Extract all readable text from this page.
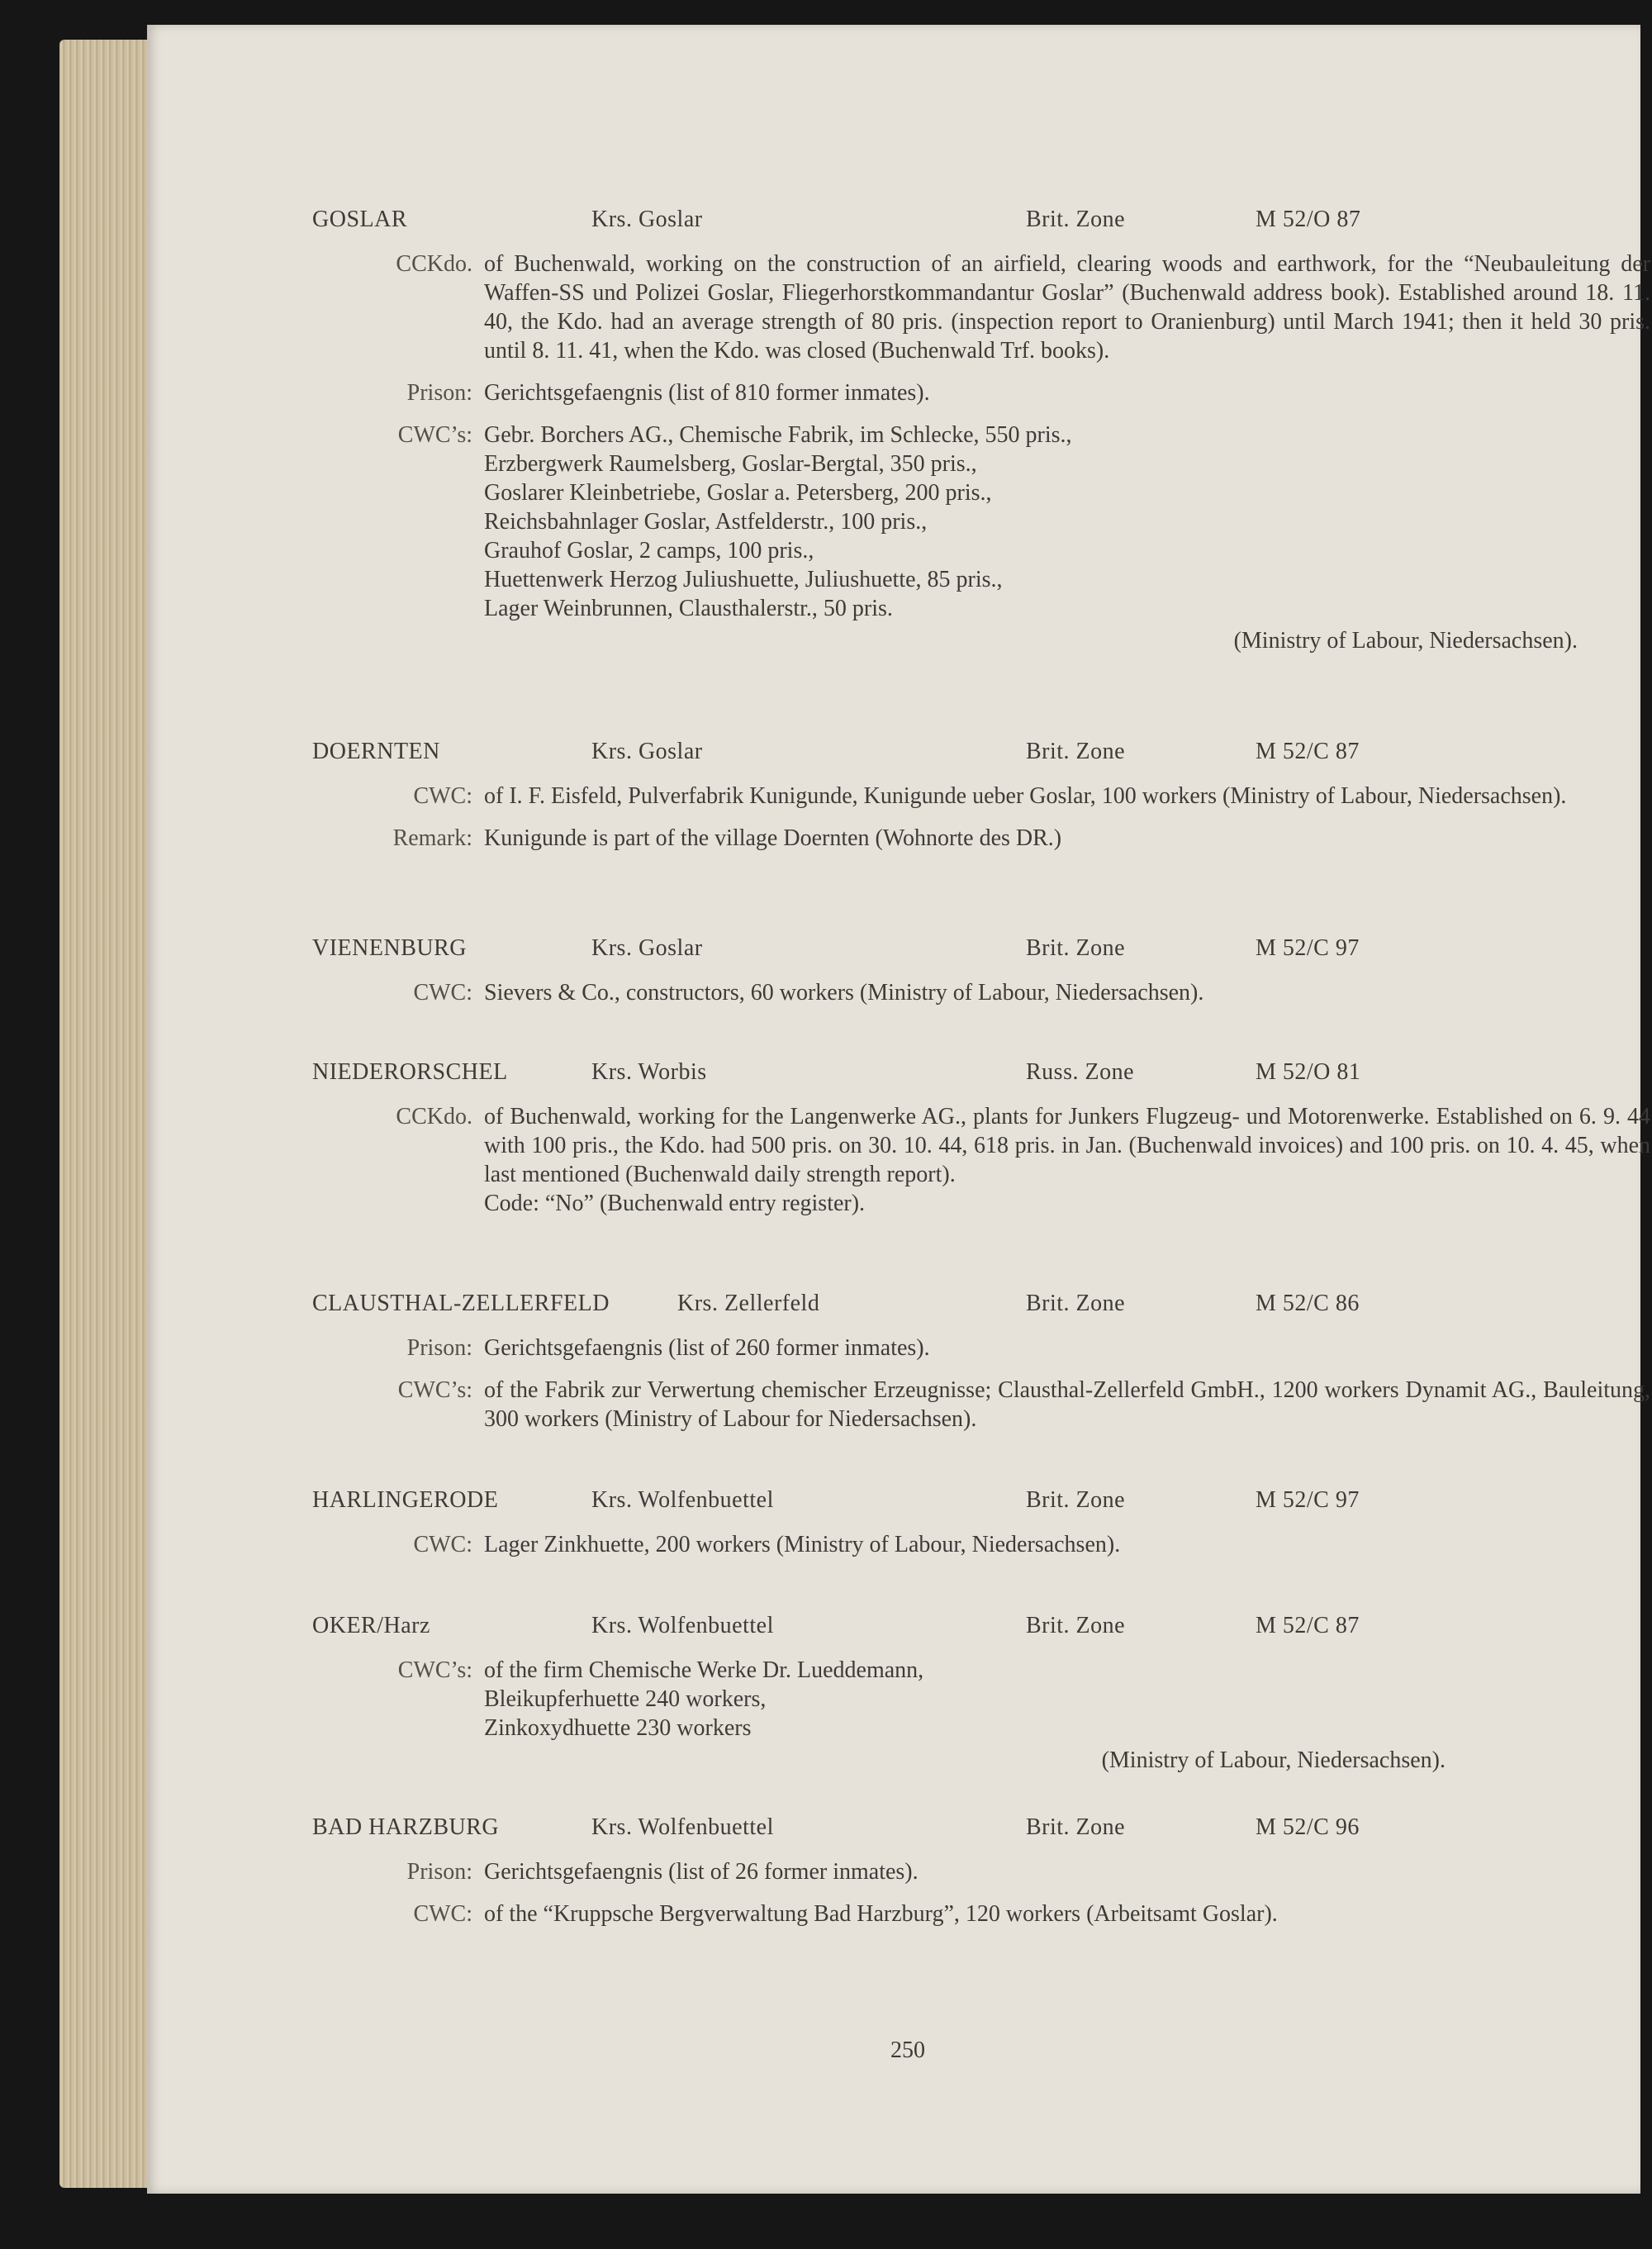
GOSLAR	Krs. Goslar	Brit. Zone	M 52/O 87
CCKdo. of Buchenwald, working on the construction of an airfield, clearing woods and earthwork, for the “Neubauleitung der Waffen-SS und Polizei Goslar, Fliegerhorstkommandantur Goslar” (Buchenwald address book). Established around 18. 11. 40, the Kdo. had an average strength of 80 pris. (inspection report to Oranienburg) until March 1941; then it held 30 pris. until 8. 11. 41, when the Kdo. was closed (Buchenwald Trf. books).
Prison: Gerichtsgefaengnis (list of 810 former inmates).
CWC’s: Gebr. Borchers AG., Chemische Fabrik, im Schlecke, 550 pris.,
Erzbergwerk Raumelsberg, Goslar-Bergtal, 350 pris.,
Goslarer Kleinbetriebe, Goslar a. Petersberg, 200 pris.,
Reichsbahnlager Goslar, Astfelderstr., 100 pris.,
Grauhof Goslar, 2 camps, 100 pris.,
Huettenwerk Herzog Juliushuette, Juliushuette, 85 pris.,
Lager Weinbrunnen, Clausthalerstr., 50 pris.
(Ministry of Labour, Niedersachsen).
DOERNTEN	Krs. Goslar	Brit. Zone	M 52/C 87
CWC: of I. F. Eisfeld, Pulverfabrik Kunigunde, Kunigunde ueber Goslar, 100 workers (Ministry of Labour, Niedersachsen).
Remark: Kunigunde is part of the village Doernten (Wohnorte des DR.)
VIENENBURG	Krs. Goslar	Brit. Zone	M 52/C 97
CWC: Sievers & Co., constructors, 60 workers (Ministry of Labour, Niedersachsen).
NIEDERORSCHEL	Krs. Worbis	Russ. Zone	M 52/O 81
CCKdo. of Buchenwald, working for the Langenwerke AG., plants for Junkers Flugzeug- und Motorenwerke. Established on 6. 9. 44 with 100 pris., the Kdo. had 500 pris. on 30. 10. 44, 618 pris. in Jan. (Buchenwald invoices) and 100 pris. on 10. 4. 45, when last mentioned (Buchenwald daily strength report).

Code: “No” (Buchenwald entry register).

CLAUSTHAL-ZELLERFELD	Krs. Zellerfeld	Brit. Zone	M 52/C 86
Prison: Gerichtsgefaengnis (list of 260 former inmates).
CWC’s: of the Fabrik zur Verwertung chemischer Erzeugnisse; Clausthal-Zellerfeld GmbH., 1200 workers Dynamit AG., Bauleitung, 300 workers (Ministry of Labour for Niedersachsen).
HARLINGERODE	Krs. Wolfenbuettel	Brit. Zone	M 52/C 97
CWC: Lager Zinkhuette, 200 workers (Ministry of Labour, Niedersachsen).
OKER/Harz	Krs. Wolfenbuettel	Brit. Zone	M 52/C 87
CWC’s: of the firm Chemische Werke Dr. Lueddemann,
Bleikupferhuette 240 workers,
Zinkoxydhuette 230 workers
(Ministry of Labour, Niedersachsen).
BAD HARZBURG	Krs. Wolfenbuettel	Brit. Zone	M 52/C 96
Prison: Gerichtsgefaengnis (list of 26 former inmates).
CWC: of the “Kruppsche Bergverwaltung Bad Harzburg”, 120 workers (Arbeitsamt Goslar).
250
